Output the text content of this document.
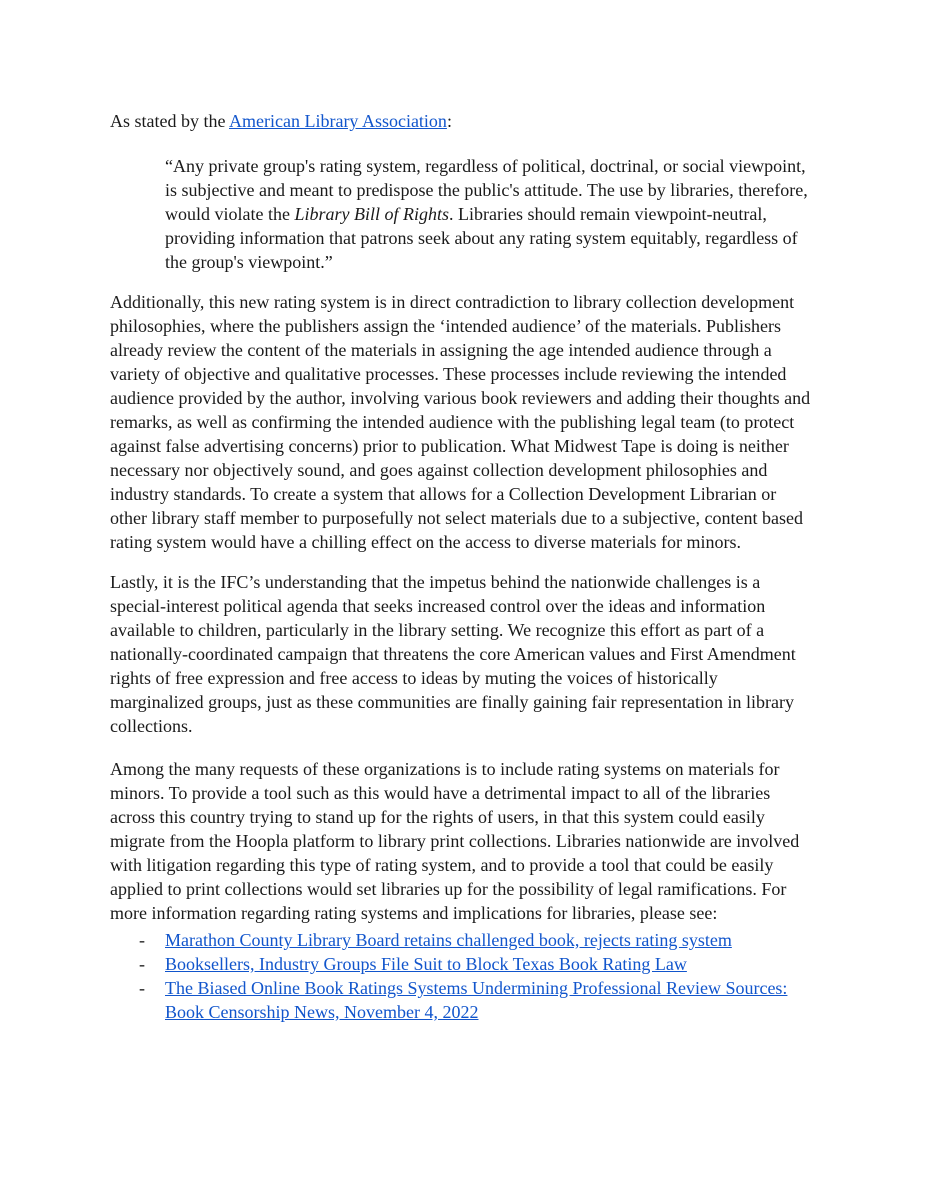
As stated by the American Library Association:
“Any private group's rating system, regardless of political, doctrinal, or social viewpoint,
is subjective and meant to predispose the public's attitude. The use by libraries, therefore,
would violate the Library Bill of Rights. Libraries should remain viewpoint-neutral,
providing information that patrons seek about any rating system equitably, regardless of
the group's viewpoint.”
Additionally, this new rating system is in direct contradiction to library collection development
philosophies, where the publishers assign the ‘intended audience’ of the materials. Publishers
already review the content of the materials in assigning the age intended audience through a
variety of objective and qualitative processes. These processes include reviewing the intended
audience provided by the author, involving various book reviewers and adding their thoughts and
remarks, as well as confirming the intended audience with the publishing legal team (to protect
against false advertising concerns) prior to publication. What Midwest Tape is doing is neither
necessary nor objectively sound, and goes against collection development philosophies and
industry standards. To create a system that allows for a Collection Development Librarian or
other library staff member to purposefully not select materials due to a subjective, content based
rating system would have a chilling effect on the access to diverse materials for minors.
Lastly, it is the IFC’s understanding that the impetus behind the nationwide challenges is a
special-interest political agenda that seeks increased control over the ideas and information
available to children, particularly in the library setting. We recognize this effort as part of a
nationally-coordinated campaign that threatens the core American values and First Amendment
rights of free expression and free access to ideas by muting the voices of historically
marginalized groups, just as these communities are finally gaining fair representation in library
collections.
Among the many requests of these organizations is to include rating systems on materials for
minors. To provide a tool such as this would have a detrimental impact to all of the libraries
across this country trying to stand up for the rights of users, in that this system could easily
migrate from the Hoopla platform to library print collections. Libraries nationwide are involved
with litigation regarding this type of rating system, and to provide a tool that could be easily
applied to print collections would set libraries up for the possibility of legal ramifications. For
more information regarding rating systems and implications for libraries, please see:
-	Marathon County Library Board retains challenged book, rejects rating system
-	Booksellers, Industry Groups File Suit to Block Texas Book Rating Law
-	The Biased Online Book Ratings Systems Undermining Professional Review Sources:
Book Censorship News, November 4, 2022
